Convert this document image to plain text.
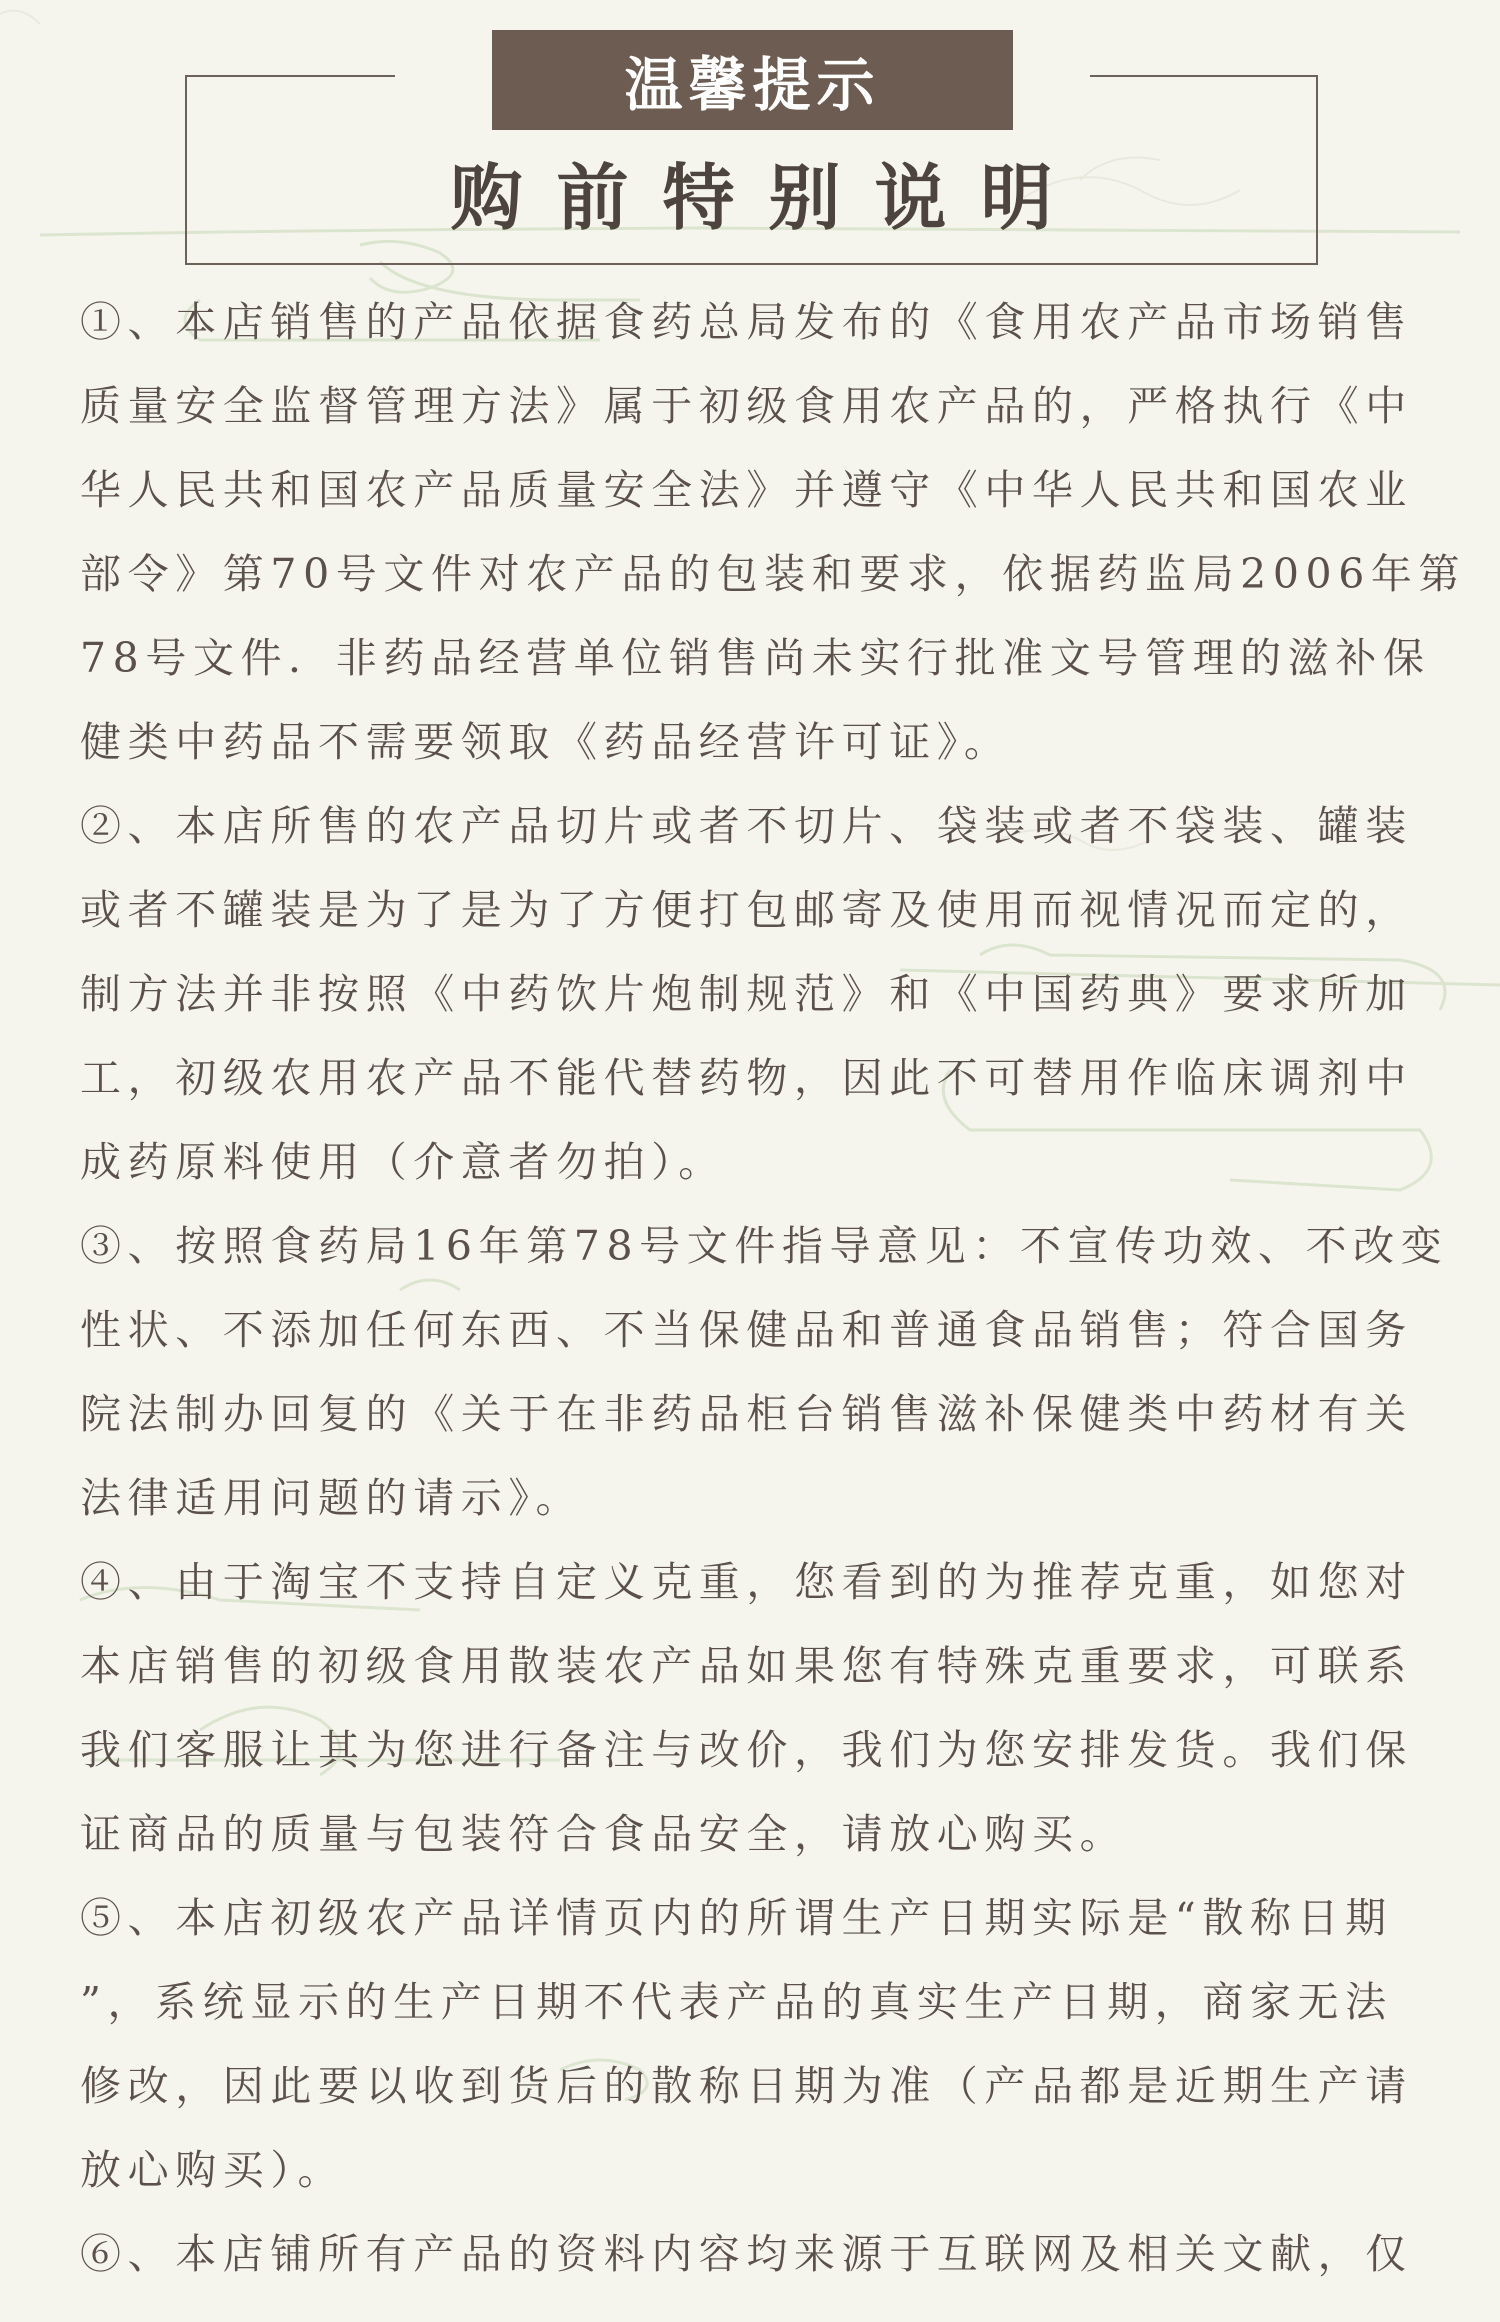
温馨提示
购前特别说明
①、本店销售的产品依据食药总局发布的《食用农产品市场销售
质量安全监督管理方法》属于初级食用农产品的，严格执行《中
华人民共和国农产品质量安全法》并遵守《中华人民共和国农业
部令》第70号文件对农产品的包装和要求，依据药监局2006年第
78号文件．非药品经营单位销售尚未实行批准文号管理的滋补保
健类中药品不需要领取《药品经营许可证》。
②、本店所售的农产品切片或者不切片、袋装或者不袋装、罐装
或者不罐装是为了是为了方便打包邮寄及使用而视情况而定的，
制方法并非按照《中药饮片炮制规范》和《中国药典》要求所加
工，初级农用农产品不能代替药物，因此不可替用作临床调剂中
成药原料使用（介意者勿拍）。
③、按照食药局16年第78号文件指导意见：不宣传功效、不改变
性状、不添加任何东西、不当保健品和普通食品销售；符合国务
院法制办回复的《关于在非药品柜台销售滋补保健类中药材有关
法律适用问题的请示》。
④、由于淘宝不支持自定义克重，您看到的为推荐克重，如您对
本店销售的初级食用散装农产品如果您有特殊克重要求，可联系
我们客服让其为您进行备注与改价，我们为您安排发货。我们保
证商品的质量与包装符合食品安全，请放心购买。
⑤、本店初级农产品详情页内的所谓生产日期实际是“散称日期
”，系统显示的生产日期不代表产品的真实生产日期，商家无法
修改，因此要以收到货后的散称日期为准（产品都是近期生产请
放心购买）。
⑥、本店铺所有产品的资料内容均来源于互联网及相关文献，仅
